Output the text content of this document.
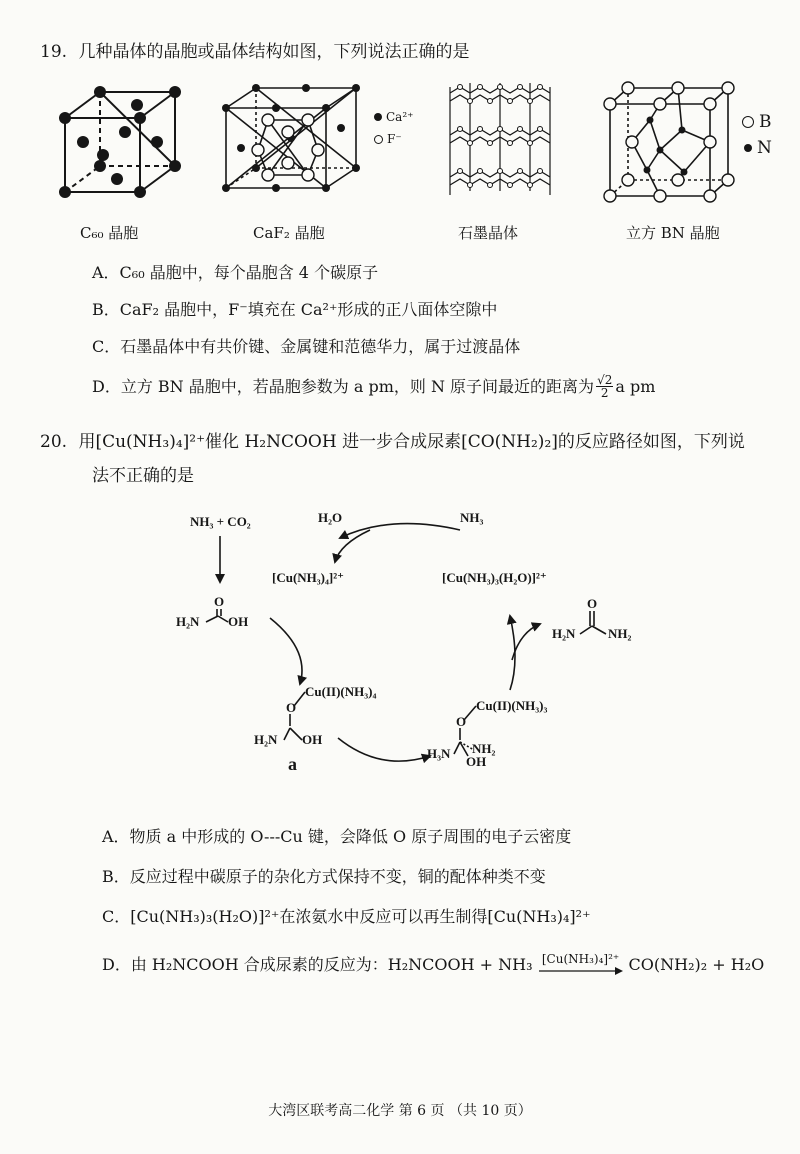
19. 几种晶体的晶胞或晶体结构如图，下列说法正确的是
C₆₀ 晶胞
Ca²⁺
F⁻
CaF₂ 晶胞	石墨晶体
B
N
立方 BN 晶胞
A．C₆₀ 晶胞中，每个晶胞含 4 个碳原子
B．CaF₂ 晶胞中，F⁻填充在 Ca²⁺形成的正八面体空隙中
C．石墨晶体中有共价键、金属键和范德华力，属于过渡晶体
D．立方 BN 晶胞中，若晶胞参数为 a pm，则 N 原子间最近的距离为 $\frac{√2}{2}$ a pm
20. 用[Cu(NH₃)₄]²⁺催化 H₂NCOOH 进一步合成尿素[CO(NH₂)₂]的反应路径如图，下列说
法不正确的是
NH₃ + CO₂	H₂O	NH₃
[Cu(NH₃)₄]²⁺	[Cu(NH₃)₃(H₂O)]²⁺
O
H₂N OH
O
H₂N	NH₂
Cu(II)(NH₃)₄
O
H₂N OH
Cu(II)(NH₃)₃
O
H₃N NH₂
OH
a
A．物质 a 中形成的 O---Cu 键，会降低 O 原子周围的电子云密度
B．反应过程中碳原子的杂化方式保持不变，铜的配体种类不变
C．[Cu(NH₃)₃(H₂O)]²⁺在浓氨水中反应可以再生制得[Cu(NH₃)₄]²⁺
D．由 H₂NCOOH 合成尿素的反应为：H₂NCOOH + NH₃ [Cu(NH₃)₄]²⁺ CO(NH₂)₂ + H₂O
大湾区联考高二化学 第 6 页 （共 10 页）
